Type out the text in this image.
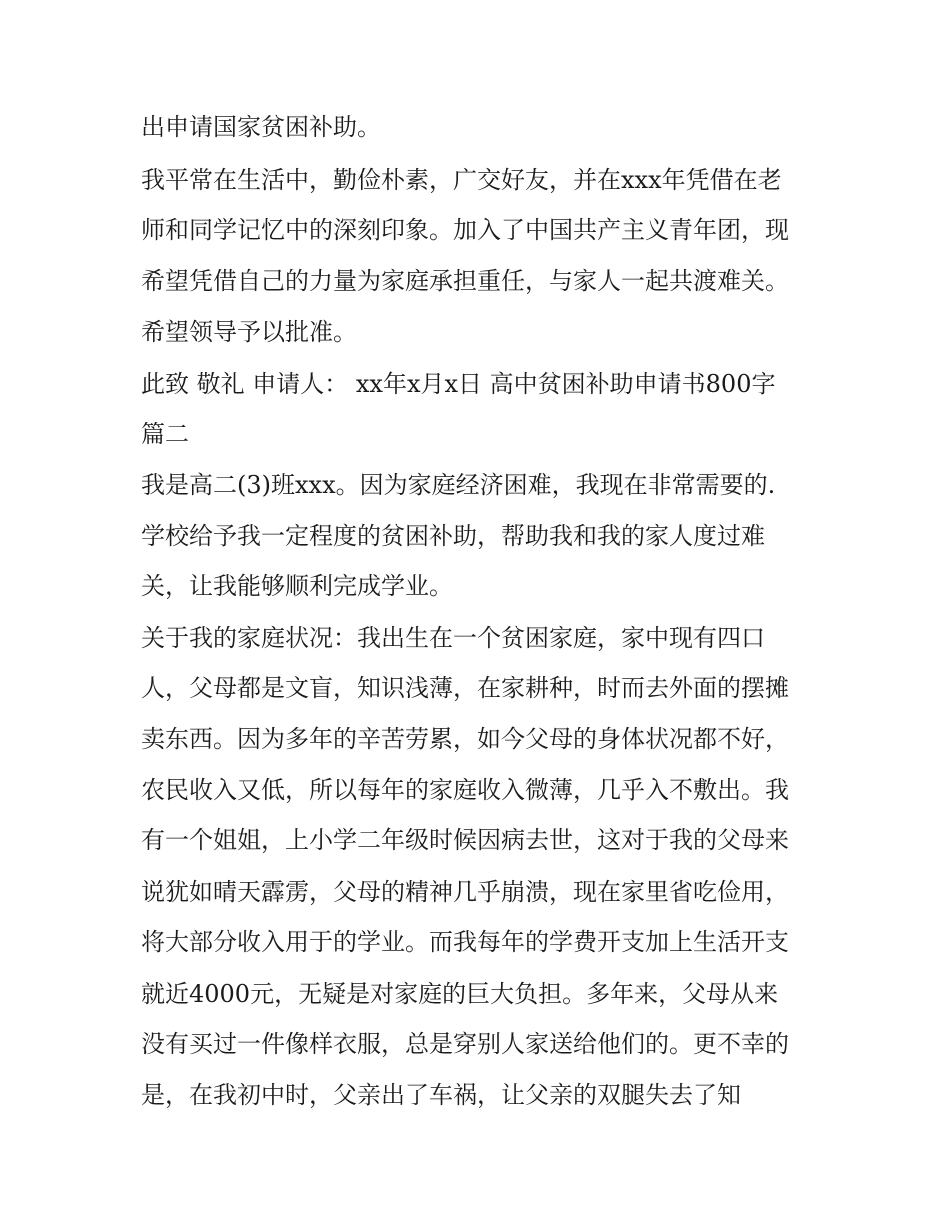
出申请国家贫困补助。

我平常在生活中，勤俭朴素，广交好友，并在xxx年凭借在老

师和同学记忆中的深刻印象。加入了中国共产主义青年团，现

希望凭借自己的力量为家庭承担重任，与家人一起共渡难关。

希望领导予以批准。

此致 敬礼 申请人： xx年x月x日 高中贫困补助申请书800字

篇二

我是高二(3)班xxx。因为家庭经济困难，我现在非常需要的.

学校给予我一定程度的贫困补助，帮助我和我的家人度过难

关，让我能够顺利完成学业。

关于我的家庭状况：我出生在一个贫困家庭，家中现有四口

人，父母都是文盲，知识浅薄，在家耕种，时而去外面的摆摊

卖东西。因为多年的辛苦劳累，如今父母的身体状况都不好，

农民收入又低，所以每年的家庭收入微薄，几乎入不敷出。我

有一个姐姐，上小学二年级时候因病去世，这对于我的父母来

说犹如晴天霹雳，父母的精神几乎崩溃，现在家里省吃俭用，

将大部分收入用于的学业。而我每年的学费开支加上生活开支

就近4000元，无疑是对家庭的巨大负担。多年来，父母从来

没有买过一件像样衣服，总是穿别人家送给他们的。更不幸的

是，在我初中时，父亲出了车祸，让父亲的双腿失去了知
